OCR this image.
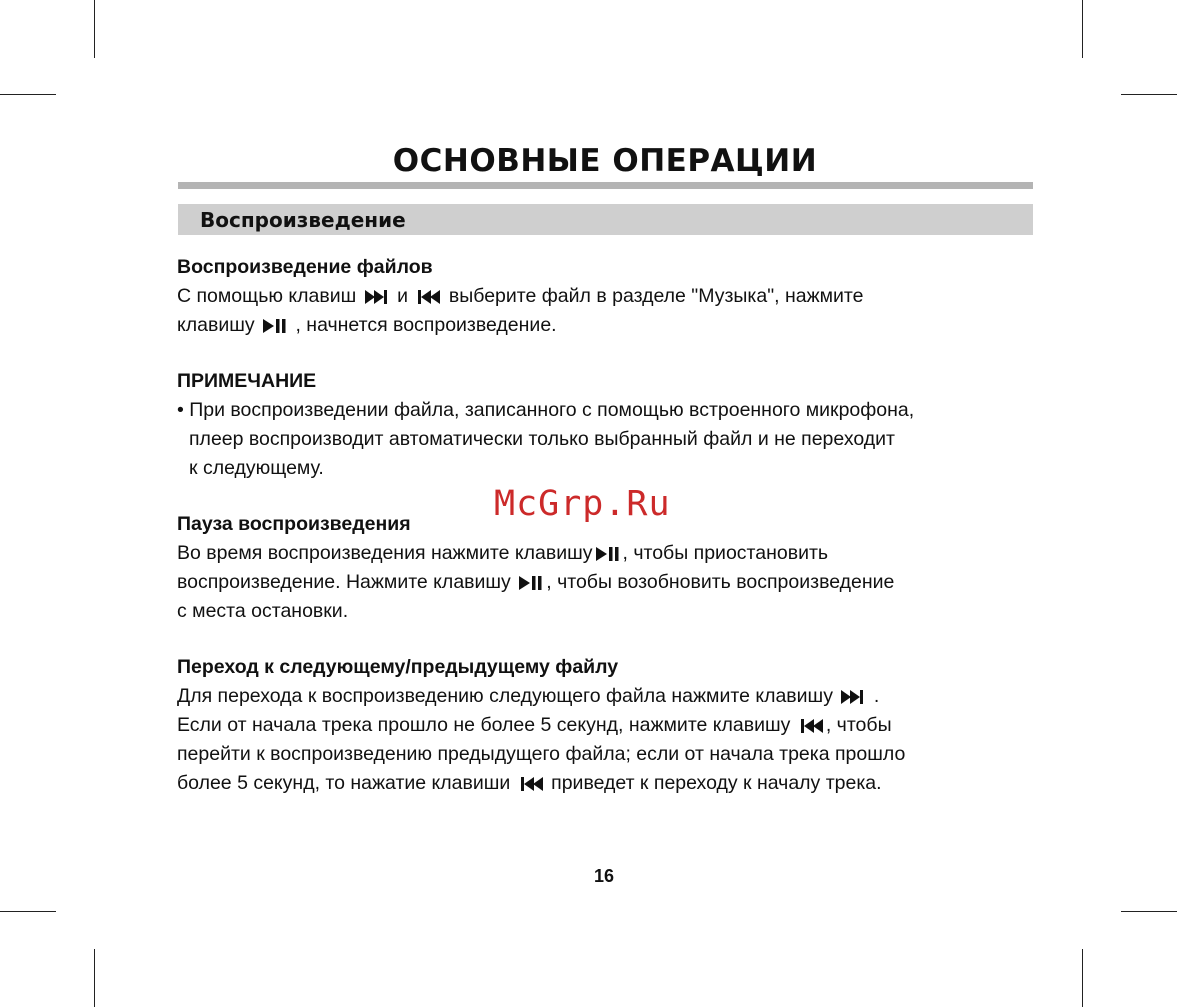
ОСНОВНЫЕ ОПЕРАЦИИ
Воспроизведение

Воспроизведение файлов

С помощью клавиш и выберите файл в разделе "Музыка", нажмите

клавишу , начнется воспроизведение.

ПРИМЕЧАНИЕ

• При воспроизведении файла, записанного с помощью встроенного микрофона,

плеер воспроизводит автоматически только выбранный файл и не переходит

к следующему.

Пауза воспроизведения

Во время воспроизведения нажмите клавишу , чтобы приостановить

воспроизведение. Нажмите клавишу , чтобы возобновить воспроизведение

с места остановки.

Переход к следующему/предыдущему файлу

Для перехода к воспроизведению следующего файла нажмите клавишу .

Если от начала трека прошло не более 5 секунд, нажмите клавишу , чтобы

перейти к воспроизведению предыдущего файла; если от начала трека прошло

более 5 секунд, то нажатие клавиши приведет к переходу к началу трека.

McGrp.Ru
16
